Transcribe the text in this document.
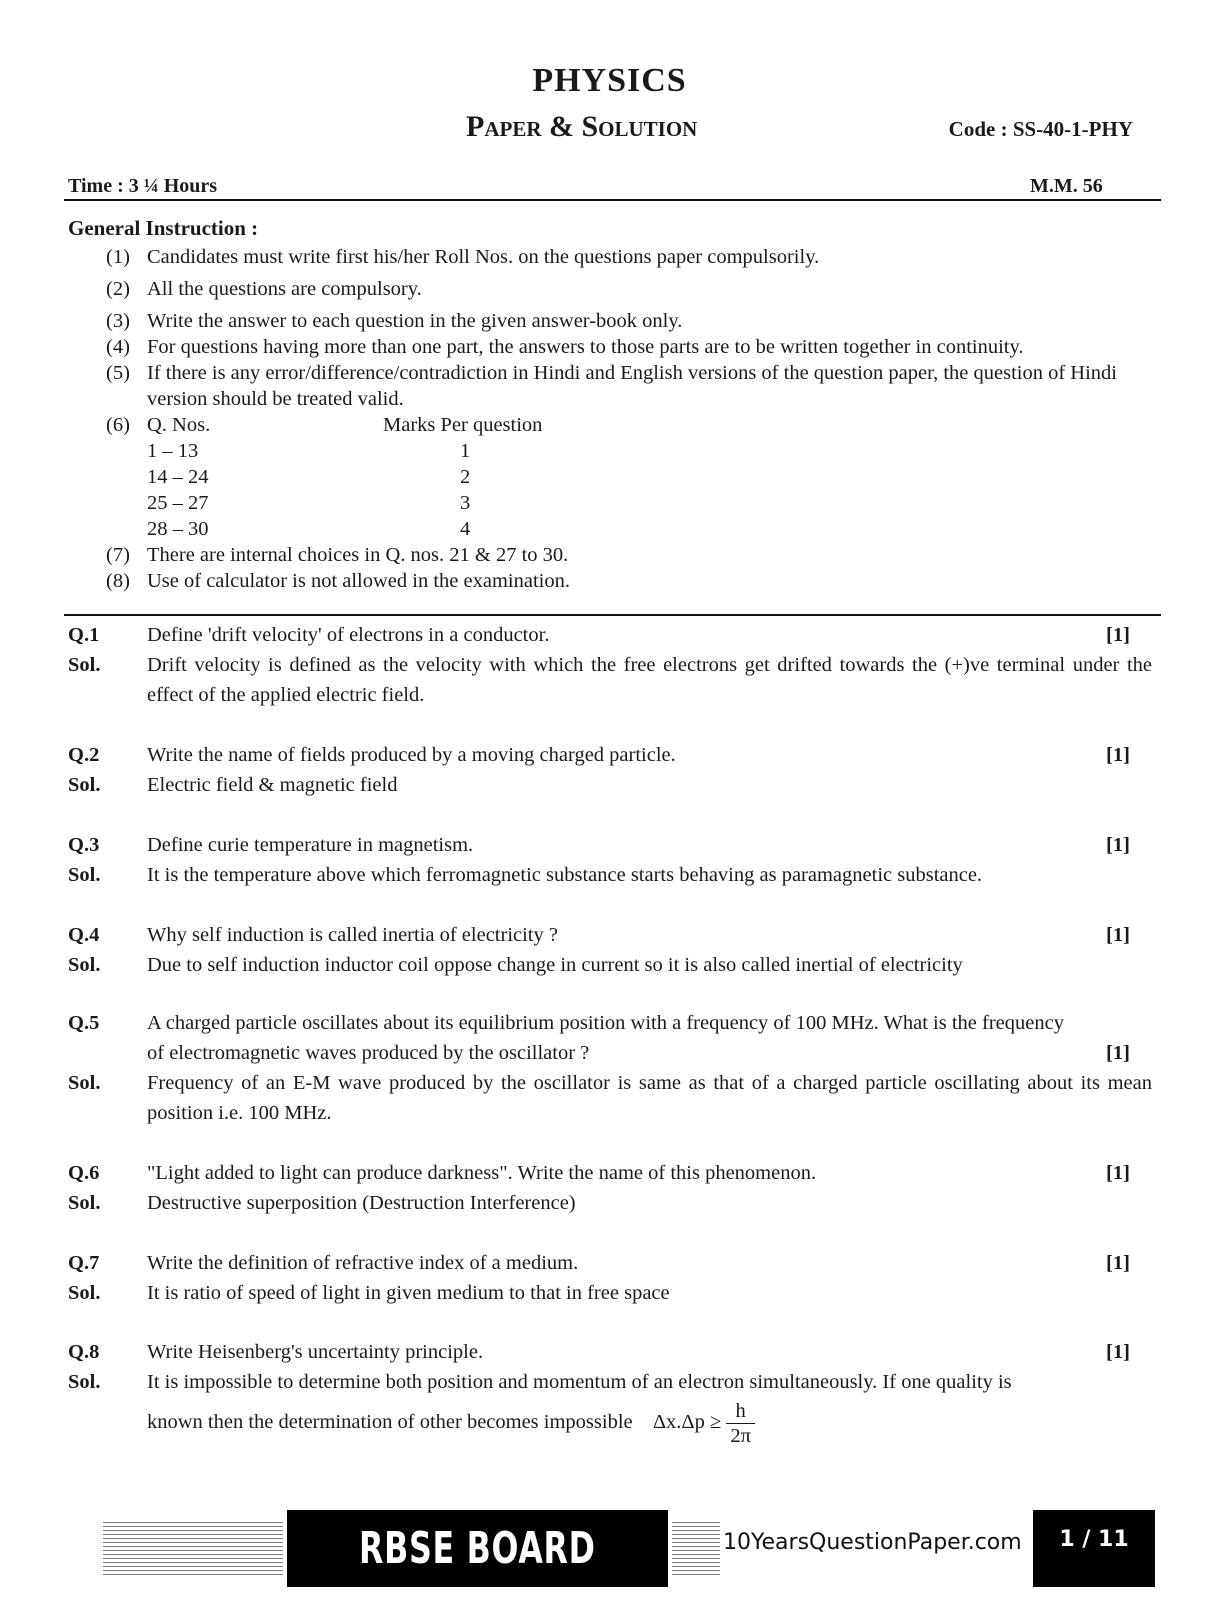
PHYSICS
Paper & Solution	Code : SS-40-1-PHY
Time : 3 ¼ Hours	M.M. 56
General Instruction :
(1) Candidates must write first his/her Roll Nos. on the questions paper compulsorily.
(2) All the questions are compulsory.
(3) Write the answer to each question in the given answer-book only.
(4) For questions having more than one part, the answers to those parts are to be written together in continuity.
(5) If there is any error/difference/contradiction in Hindi and English versions of the question paper, the question of Hindi version should be treated valid.
(6) Q. Nos.	Marks Per question
1 – 13	1
14 – 24	2
25 – 27	3
28 – 30	4
(7) There are internal choices in Q. nos. 21 & 27 to 30.
(8) Use of calculator is not allowed in the examination.
Q.1 Define 'drift velocity' of electrons in a conductor.	[1]
Sol. Drift velocity is defined as the velocity with which the free electrons get drifted towards the (+)ve terminal under the effect of the applied electric field.
Q.2 Write the name of fields produced by a moving charged particle.	[1]
Sol. Electric field & magnetic field
Q.3 Define curie temperature in magnetism.	[1]
Sol. It is the temperature above which ferromagnetic substance starts behaving as paramagnetic substance.
Q.4 Why self induction is called inertia of electricity ?	[1]
Sol. Due to self induction inductor coil oppose change in current so it is also called inertial of electricity
Q.5 A charged particle oscillates about its equilibrium position with a frequency of 100 MHz. What is the frequency of electromagnetic waves produced by the oscillator ?	[1]
Sol. Frequency of an E-M wave produced by the oscillator is same as that of a charged particle oscillating about its mean position i.e. 100 MHz.
Q.6 "Light added to light can produce darkness". Write the name of this phenomenon.	[1]
Sol. Destructive superposition (Destruction Interference)
Q.7 Write the definition of refractive index of a medium.	[1]
Sol. It is ratio of speed of light in given medium to that in free space
Q.8 Write Heisenberg's uncertainty principle.	[1]
Sol. It is impossible to determine both position and momentum of an electron simultaneously. If one quality is
known then the determination of other becomes impossible $\Delta x.\Delta p \ge \frac{h}{2\pi}$
RBSE BOARD	10YearsQuestionPaper.com	1 / 11
